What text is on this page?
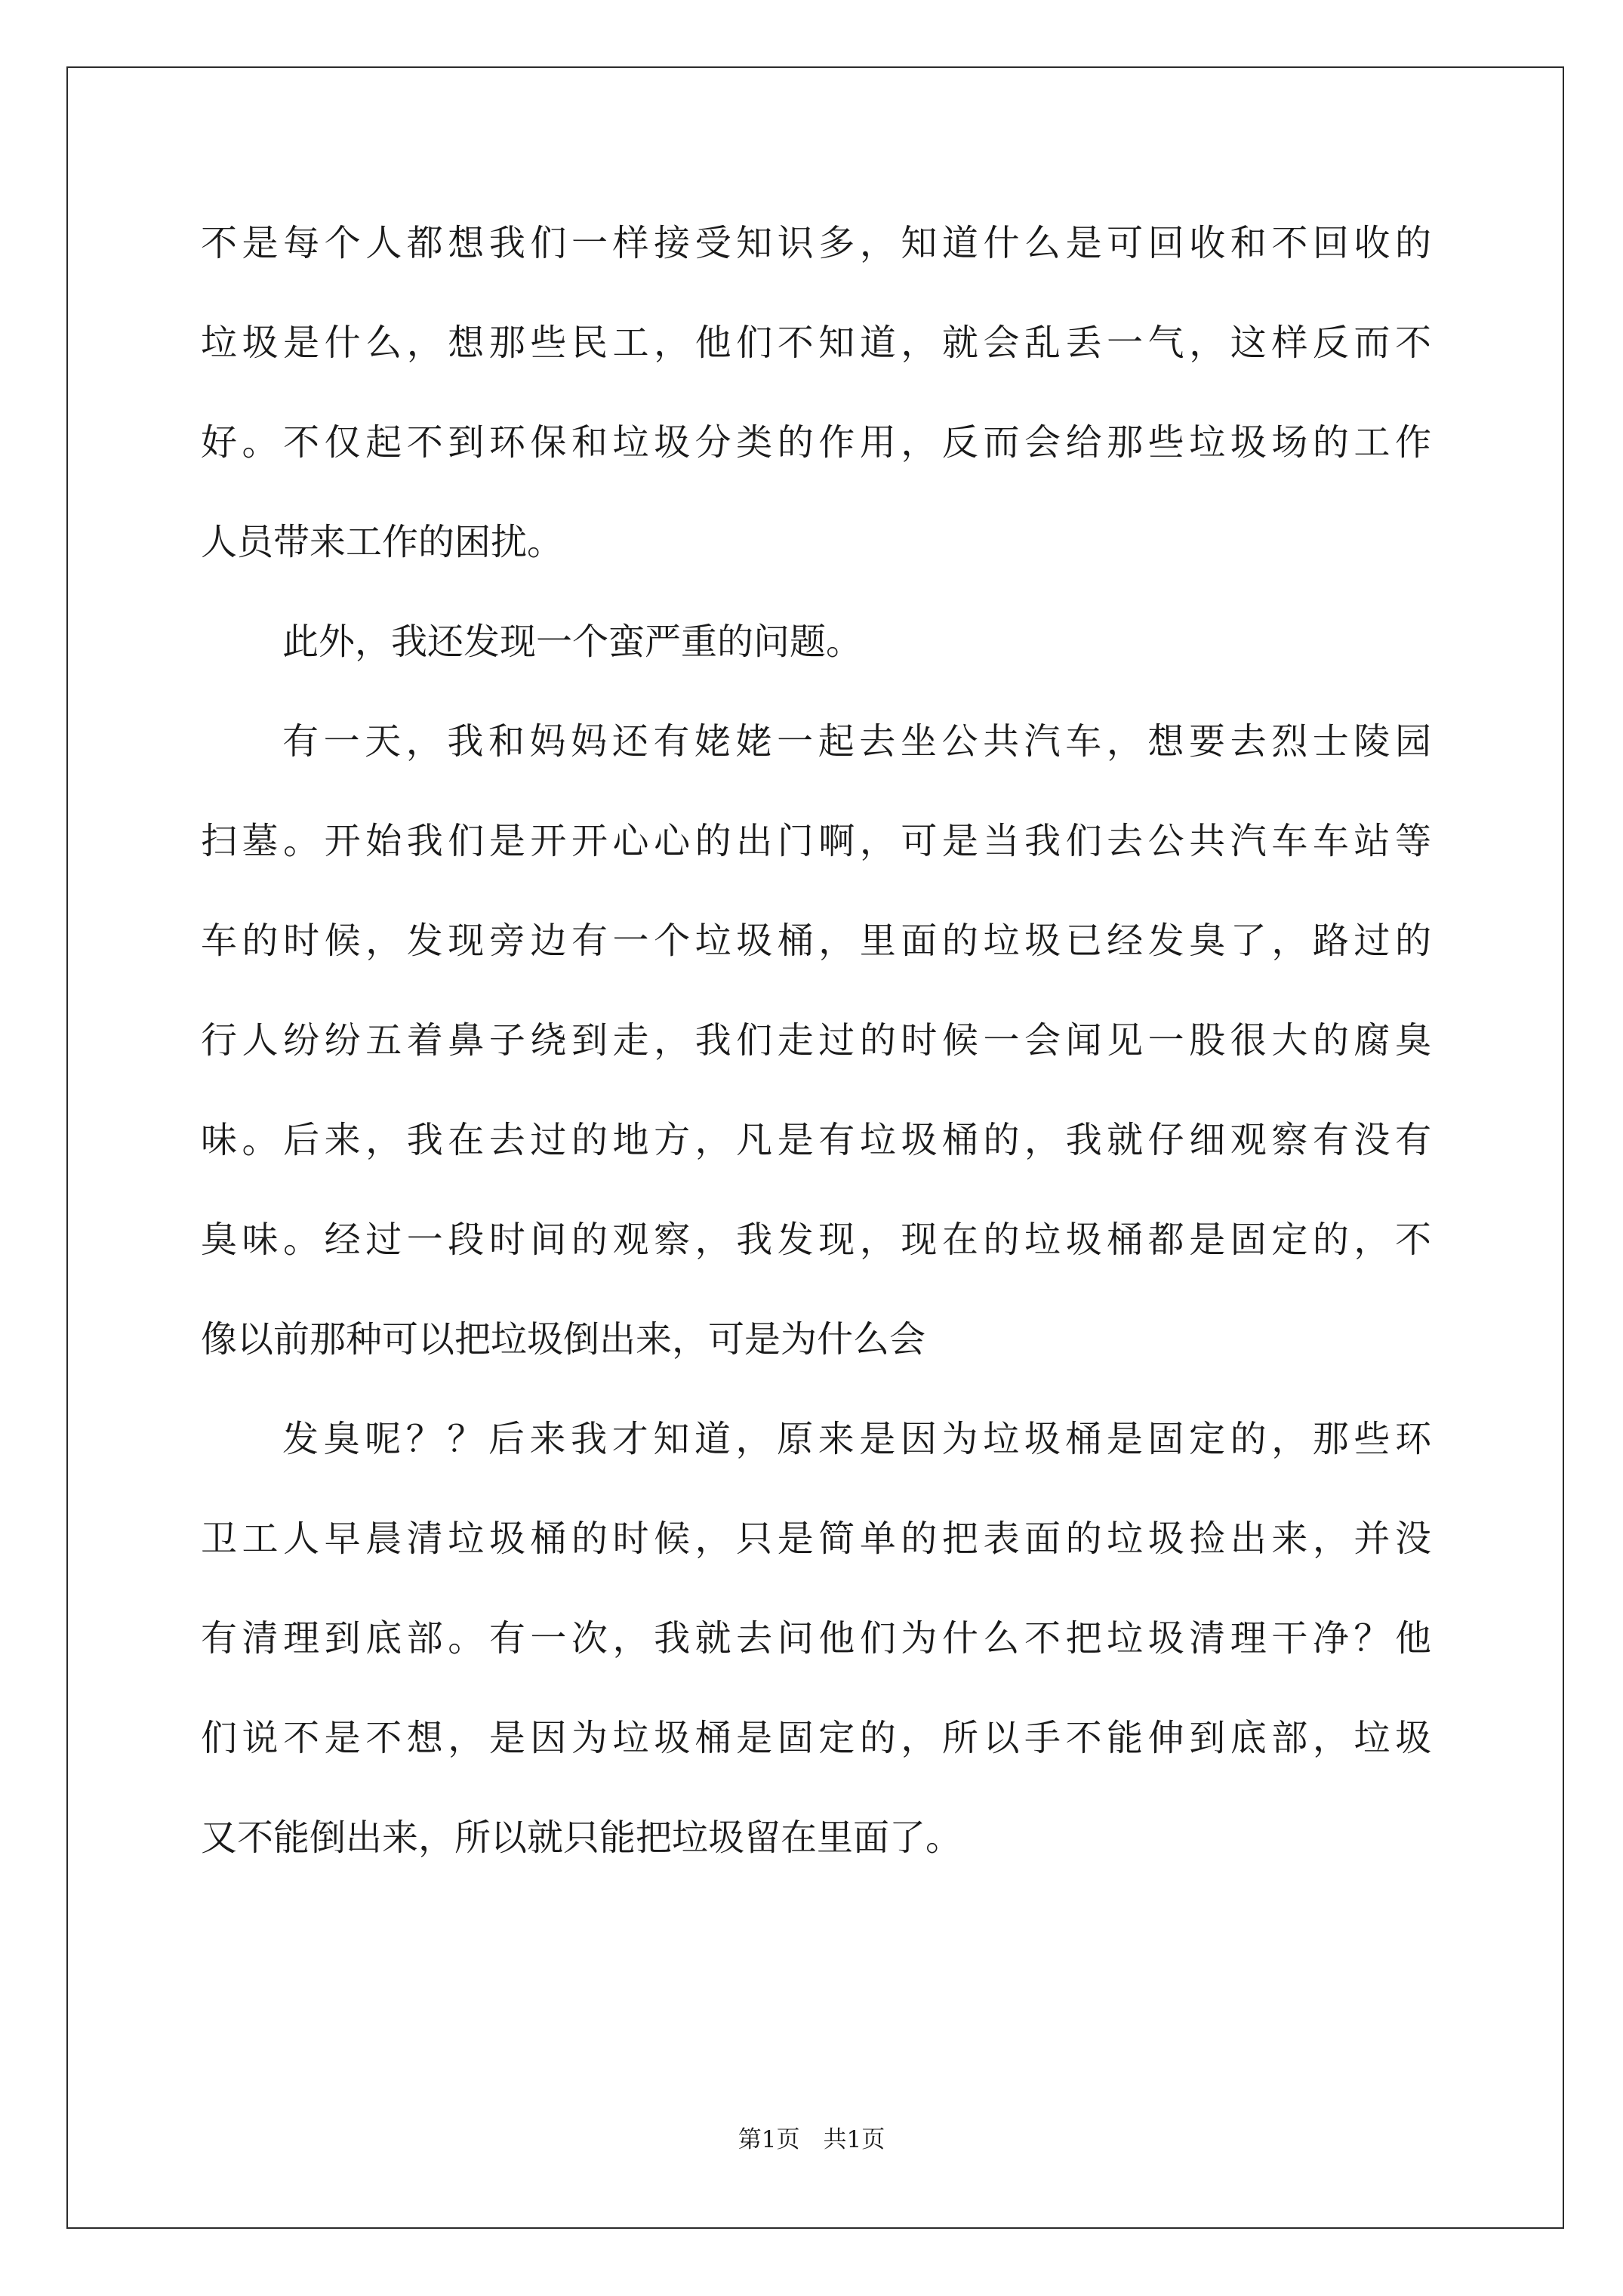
不是每个人都想我们一样接受知识多，知道什么是可回收和不回收的
垃圾是什么，想那些民工，他们不知道，就会乱丢一气，这样反而不
好。不仅起不到环保和垃圾分类的作用，反而会给那些垃圾场的工作
人员带来工作的困扰。
此外，我还发现一个蛮严重的问题。
有一天，我和妈妈还有姥姥一起去坐公共汽车，想要去烈士陵园
扫墓。开始我们是开开心心的出门啊，可是当我们去公共汽车车站等
车的时候，发现旁边有一个垃圾桶，里面的垃圾已经发臭了，路过的
行人纷纷五着鼻子绕到走，我们走过的时候一会闻见一股很大的腐臭
味。后来，我在去过的地方，凡是有垃圾桶的，我就仔细观察有没有
臭味。经过一段时间的观察，我发现，现在的垃圾桶都是固定的，不
像以前那种可以把垃圾倒出来，可是为什么会
发臭呢？？后来我才知道，原来是因为垃圾桶是固定的，那些环
卫工人早晨清垃圾桶的时候，只是简单的把表面的垃圾捡出来，并没
有清理到底部。有一次，我就去问他们为什么不把垃圾清理干净？他
们说不是不想，是因为垃圾桶是固定的，所以手不能伸到底部，垃圾
又不能倒出来，所以就只能把垃圾留在里面了。
第1页　共1页
